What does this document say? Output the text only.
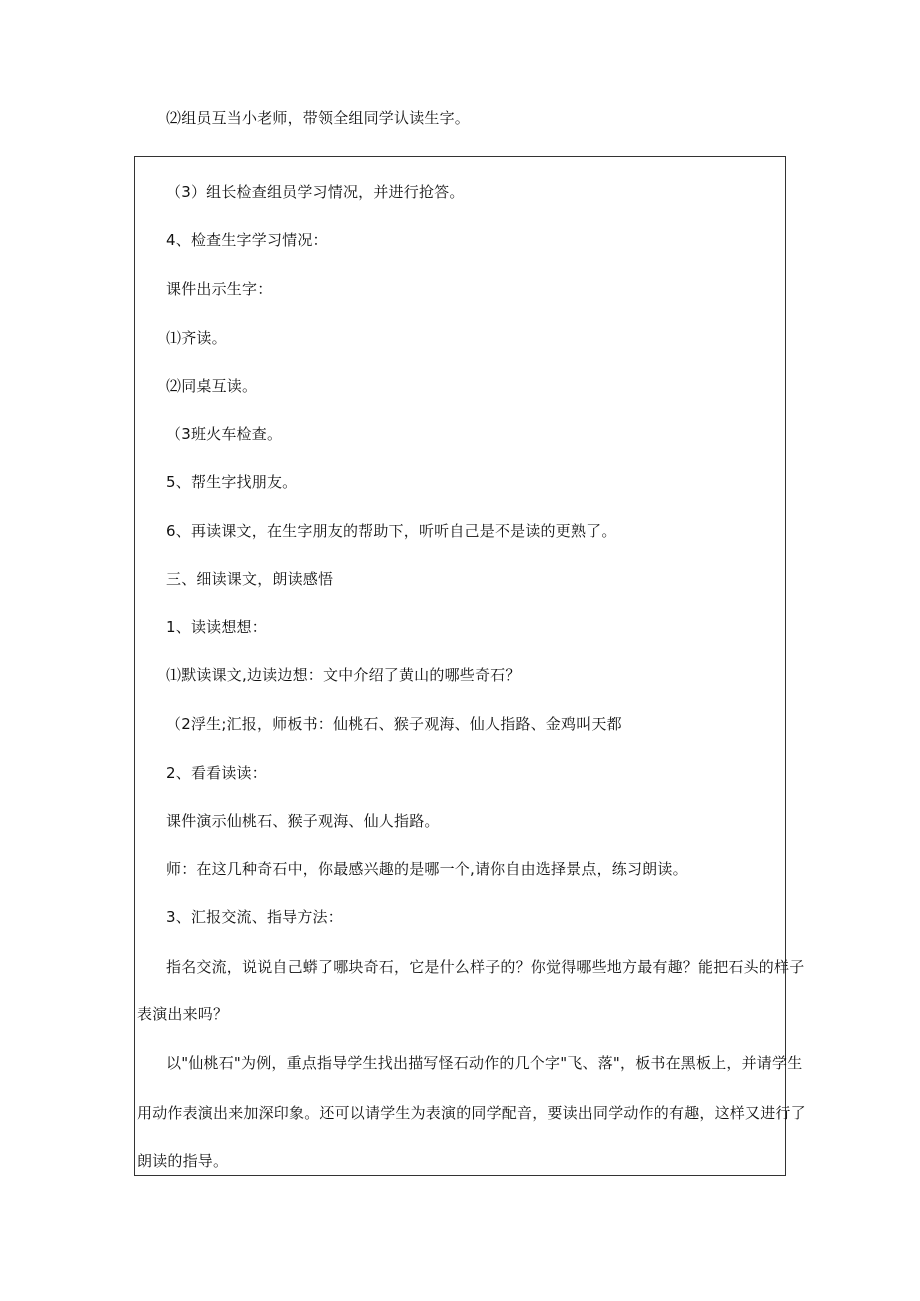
⑵组员互当小老师，带领全组同学认读生字。
（3）组长检查组员学习情况，并进行抢答。
4、检查生字学习情况：
课件出示生字：
⑴齐读。
⑵同桌互读。
（3班火车检查。
5、帮生字找朋友。
6、再读课文，在生字朋友的帮助下，听听自己是不是读的更熟了。
三、细读课文，朗读感悟
1、读读想想：
⑴默读课文,边读边想：文中介绍了黄山的哪些奇石？
（2浮生;汇报，师板书：仙桃石、猴子观海、仙人指路、金鸡叫天都
2、看看读读：
课件演示仙桃石、猴子观海、仙人指路。
师：在这几种奇石中，你最感兴趣的是哪一个,请你自由选择景点，练习朗读。
3、汇报交流、指导方法：
指名交流，说说自己蟒了哪块奇石，它是什么样子的？你觉得哪些地方最有趣？能把石头的样子
表演出来吗？
以"仙桃石"为例，重点指导学生找出描写怪石动作的几个字"飞、落"，板书在黑板上，并请学生
用动作表演出来加深印象。还可以请学生为表演的同学配音，要读出同学动作的有趣，这样又进行了
朗读的指导。
